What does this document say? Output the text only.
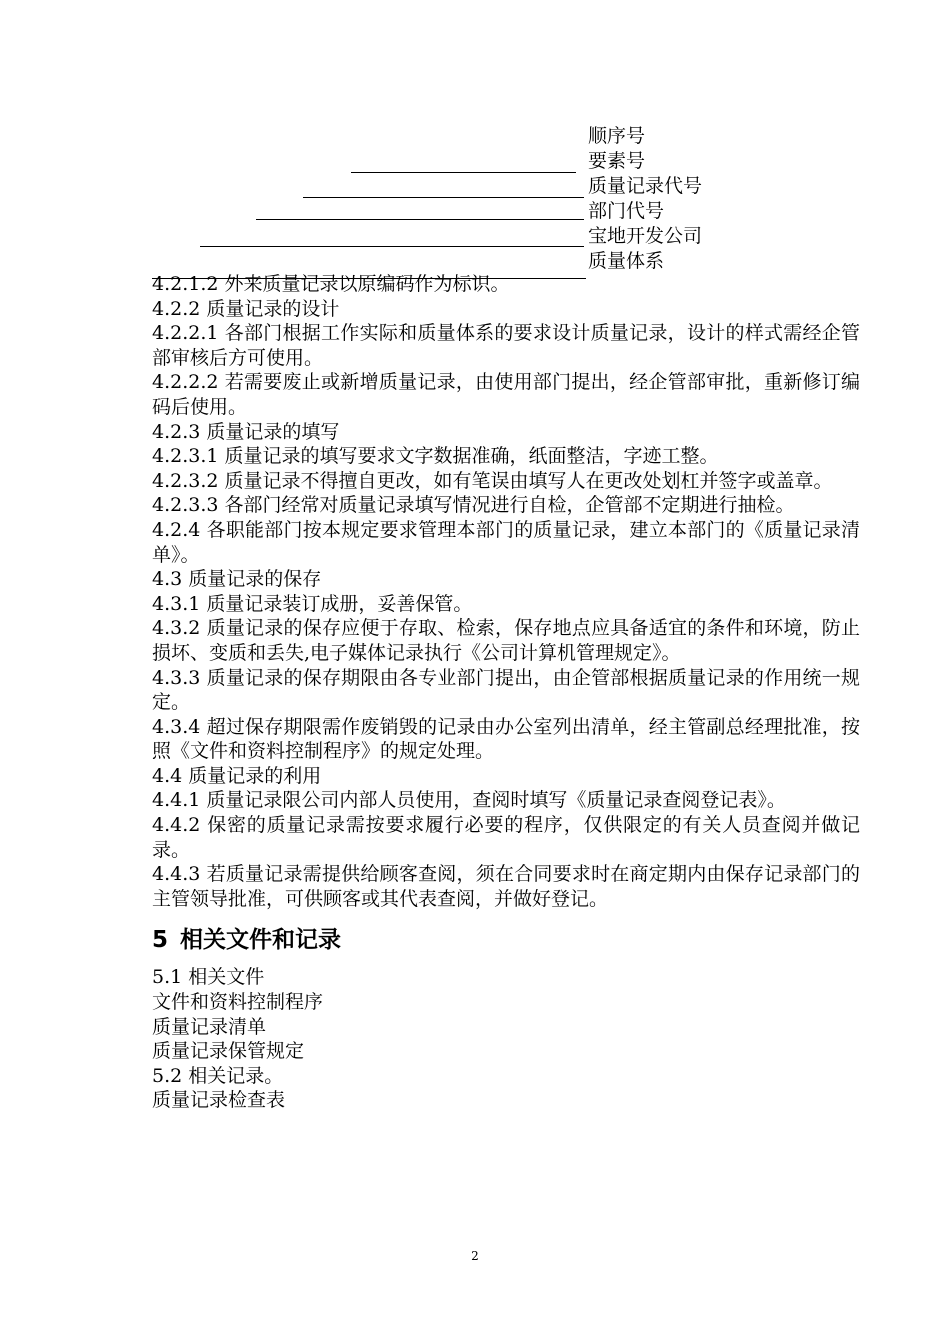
顺序号
要素号
质量记录代号
部门代号
宝地开发公司
质量体系

4.2.1.2 外来质量记录以原编码作为标识。

4.2.2 质量记录的设计

4.2.2.1 各部门根据工作实际和质量体系的要求设计质量记录，设计的样式需经企管部审核后方可使用。

4.2.2.2 若需要废止或新增质量记录，由使用部门提出，经企管部审批，重新修订编码后使用。

4.2.3 质量记录的填写

4.2.3.1 质量记录的填写要求文字数据准确，纸面整洁，字迹工整。

4.2.3.2 质量记录不得擅自更改，如有笔误由填写人在更改处划杠并签字或盖章。

4.2.3.3 各部门经常对质量记录填写情况进行自检，企管部不定期进行抽检。

4.2.4 各职能部门按本规定要求管理本部门的质量记录，建立本部门的《质量记录清单》。

4.3 质量记录的保存

4.3.1 质量记录装订成册，妥善保管。

4.3.2 质量记录的保存应便于存取、检索，保存地点应具备适宜的条件和环境，防止损坏、变质和丢失,电子媒体记录执行《公司计算机管理规定》。

4.3.3 质量记录的保存期限由各专业部门提出，由企管部根据质量记录的作用统一规定。

4.3.4 超过保存期限需作废销毁的记录由办公室列出清单，经主管副总经理批准，按照《文件和资料控制程序》的规定处理。

4.4 质量记录的利用

4.4.1 质量记录限公司内部人员使用，查阅时填写《质量记录查阅登记表》。

4.4.2 保密的质量记录需按要求履行必要的程序，仅供限定的有关人员查阅并做记录。

4.4.3 若质量记录需提供给顾客查阅，须在合同要求时在商定期内由保存记录部门的主管领导批准，可供顾客或其代表查阅，并做好登记。

5 相关文件和记录

5.1 相关文件

文件和资料控制程序

质量记录清单

质量记录保管规定

5.2 相关记录。

质量记录检查表

2
